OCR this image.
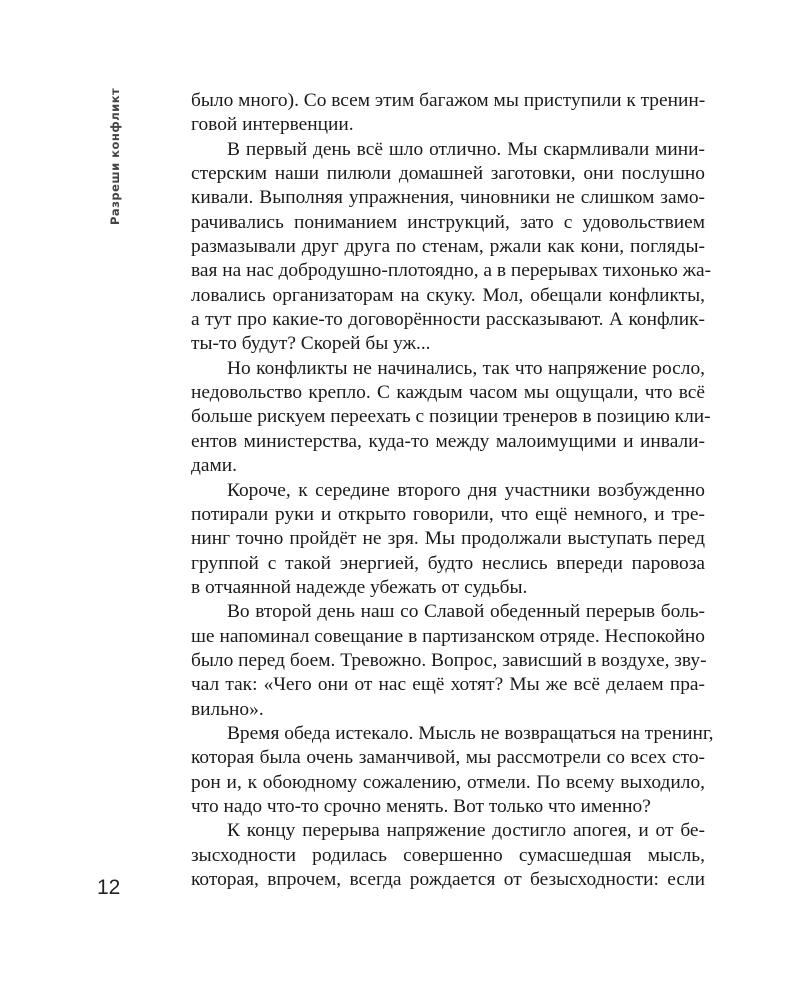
Разреши конфликт	было много). Со всем этим багажом мы приступили к тренин-
говой интервенции.
В первый день всё шло отлично. Мы скармливали мини-
стерским наши пилюли домашней заготовки, они послушно
кивали. Выполняя упражнения, чиновники не слишком замо-
рачивались пониманием инструкций, зато с удовольствием
размазывали друг друга по стенам, ржали как кони, погляды-
вая на нас добродушно-плотоядно, а в перерывах тихонько жа-
ловались организаторам на скуку. Мол, обещали конфликты,
а тут про какие-то договорённости рассказывают. А конфлик-
ты-то будут? Скорей бы уж...
Но конфликты не начинались, так что напряжение росло,
недовольство крепло. С каждым часом мы ощущали, что всё
больше рискуем переехать с позиции тренеров в позицию кли-
ентов министерства, куда-то между малоимущими и инвали-
дами.
Короче, к середине второго дня участники возбужденно
потирали руки и открыто говорили, что ещё немного, и тре-
нинг точно пройдёт не зря. Мы продолжали выступать перед
группой с такой энергией, будто неслись впереди паровоза
в отчаянной надежде убежать от судьбы.
Во второй день наш со Славой обеденный перерыв боль-
ше напоминал совещание в партизанском отряде. Неспокойно
было перед боем. Тревожно. Вопрос, зависший в воздухе, зву-
чал так: «Чего они от нас ещё хотят? Мы же всё делаем пра-
вильно».
Время обеда истекало. Мысль не возвращаться на тренинг,
которая была очень заманчивой, мы рассмотрели со всех сто-
рон и, к обоюдному сожалению, отмели. По всему выходило,
что надо что-то срочно менять. Вот только что именно?
К концу перерыва напряжение достигло апогея, и от бе-
зысходности родилась совершенно сумасшедшая мысль,
которая, впрочем, всегда рождается от безысходности: если
12
